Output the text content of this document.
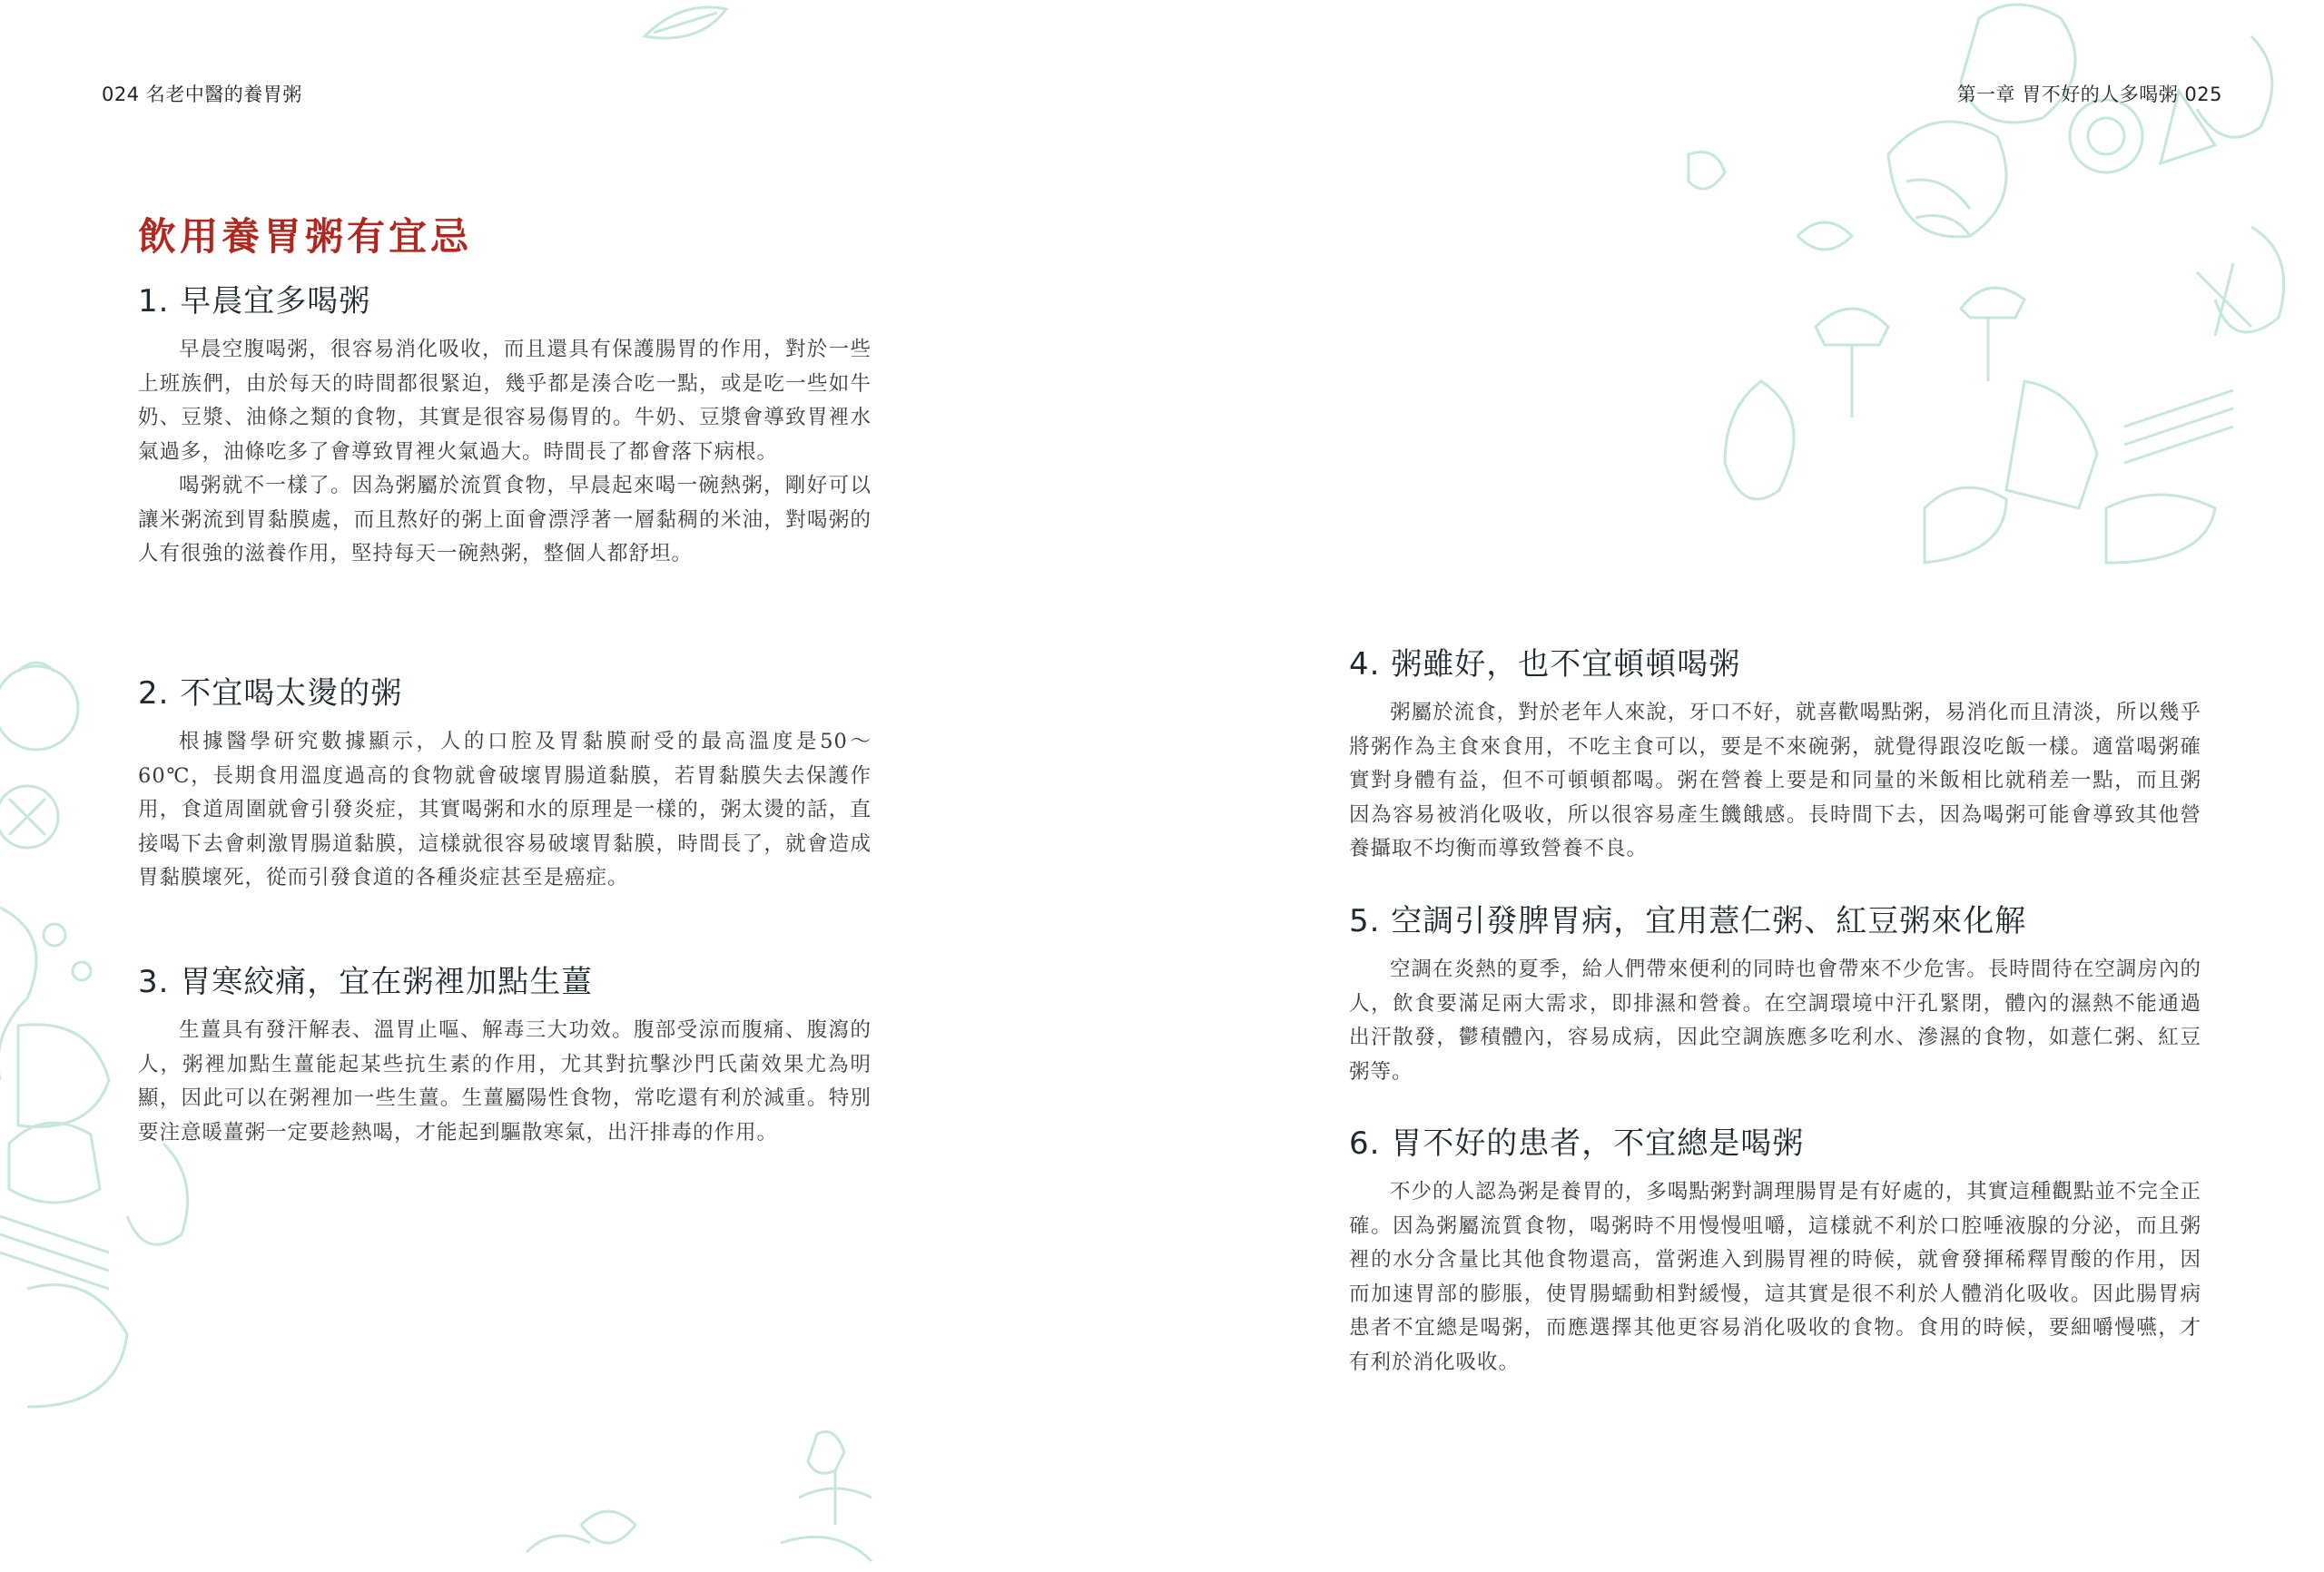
024 名老中醫的養胃粥
飲用養胃粥有宜忌
1. 早晨宜多喝粥

早晨空腹喝粥，很容易消化吸收，而且還具有保護腸胃的作用，對於一些上班族們，由於每天的時間都很緊迫，幾乎都是湊合吃一點，或是吃一些如牛奶、豆漿、油條之類的食物，其實是很容易傷胃的。牛奶、豆漿會導致胃裡水氣過多，油條吃多了會導致胃裡火氣過大。時間長了都會落下病根。

喝粥就不一樣了。因為粥屬於流質食物，早晨起來喝一碗熱粥，剛好可以讓米粥流到胃黏膜處，而且熬好的粥上面會漂浮著一層黏稠的米油，對喝粥的人有很強的滋養作用，堅持每天一碗熱粥，整個人都舒坦。

2. 不宜喝太燙的粥

根據醫學研究數據顯示，人的口腔及胃黏膜耐受的最高溫度是50～60℃，長期食用溫度過高的食物就會破壞胃腸道黏膜，若胃黏膜失去保護作用，食道周圍就會引發炎症，其實喝粥和水的原理是一樣的，粥太燙的話，直接喝下去會刺激胃腸道黏膜，這樣就很容易破壞胃黏膜，時間長了，就會造成胃黏膜壞死，從而引發食道的各種炎症甚至是癌症。

3. 胃寒絞痛，宜在粥裡加點生薑

生薑具有發汗解表、溫胃止嘔、解毒三大功效。腹部受涼而腹痛、腹瀉的人，粥裡加點生薑能起某些抗生素的作用，尤其對抗擊沙門氏菌效果尤為明顯，因此可以在粥裡加一些生薑。生薑屬陽性食物，常吃還有利於減重。特別要注意暖薑粥一定要趁熱喝，才能起到驅散寒氣，出汗排毒的作用。

第一章 胃不好的人多喝粥 025
4. 粥雖好，也不宜頓頓喝粥

粥屬於流食，對於老年人來說，牙口不好，就喜歡喝點粥，易消化而且清淡，所以幾乎將粥作為主食來食用，不吃主食可以，要是不來碗粥，就覺得跟沒吃飯一樣。適當喝粥確實對身體有益，但不可頓頓都喝。粥在營養上要是和同量的米飯相比就稍差一點，而且粥因為容易被消化吸收，所以很容易產生饑餓感。長時間下去，因為喝粥可能會導致其他營養攝取不均衡而導致營養不良。

5. 空調引發脾胃病，宜用薏仁粥、紅豆粥來化解

空調在炎熱的夏季，給人們帶來便利的同時也會帶來不少危害。長時間待在空調房內的人，飲食要滿足兩大需求，即排濕和營養。在空調環境中汗孔緊閉，體內的濕熱不能通過出汗散發，鬱積體內，容易成病，因此空調族應多吃利水、滲濕的食物，如薏仁粥、紅豆粥等。

6. 胃不好的患者，不宜總是喝粥

不少的人認為粥是養胃的，多喝點粥對調理腸胃是有好處的，其實這種觀點並不完全正確。因為粥屬流質食物，喝粥時不用慢慢咀嚼，這樣就不利於口腔唾液腺的分泌，而且粥裡的水分含量比其他食物還高，當粥進入到腸胃裡的時候，就會發揮稀釋胃酸的作用，因而加速胃部的膨脹，使胃腸蠕動相對緩慢，這其實是很不利於人體消化吸收。因此腸胃病患者不宜總是喝粥，而應選擇其他更容易消化吸收的食物。食用的時候，要細嚼慢嚥，才有利於消化吸收。
